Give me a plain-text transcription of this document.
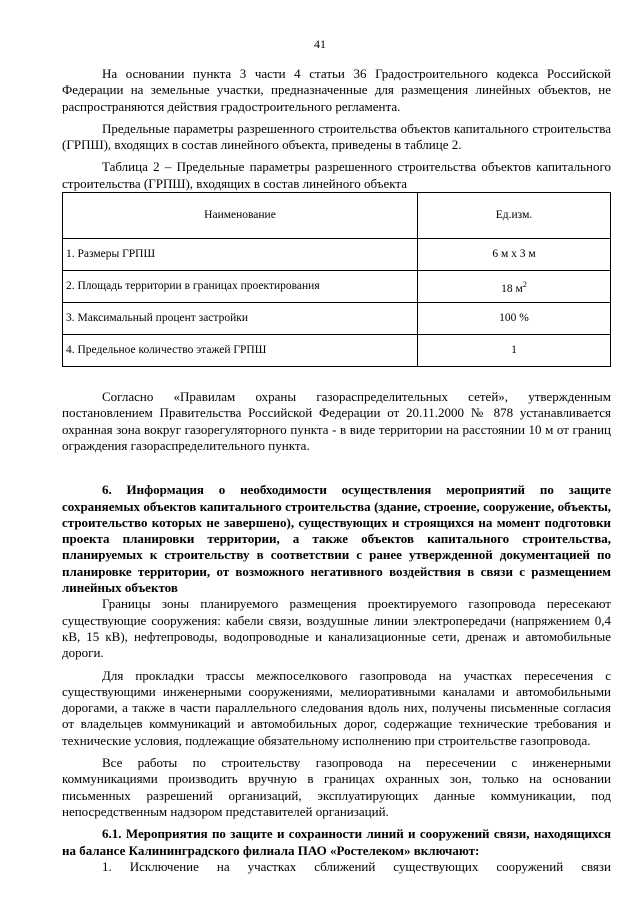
41

На основании пункта 3 части 4 статьи 36 Градостроительного кодекса Российской Федерации на земельные участки, предназначенные для размещения линейных объектов, не распространяются действия градостроительного регламента.

Предельные параметры разрешенного строительства объектов капитального строительства (ГРПШ), входящих в состав линейного объекта, приведены в таблице 2.

Таблица 2 – Предельные параметры разрешенного строительства объектов капитального строительства (ГРПШ), входящих в состав линейного объекта

Наименование	Ед.изм.
1. Размеры ГРПШ	6 м х 3 м
2. Площадь территории в границах проектирования	18 $м^2$
3. Максимальный процент застройки	100 %
4. Предельное количество этажей ГРПШ	1

Согласно «Правилам охраны газораспределительных сетей», утвержденным постановлением Правительства Российской Федерации от 20.11.2000 № 878 устанавливается охранная зона вокруг газорегуляторного пункта - в виде территории на расстоянии 10 м от границ ограждения газораспределительного пункта.

6. Информация о необходимости осуществления мероприятий по защите сохраняемых объектов капитального строительства (здание, строение, сооружение, объекты, строительство которых не завершено), существующих и строящихся на момент подготовки проекта планировки территории, а также объектов капитального строительства, планируемых к строительству в соответствии с ранее утвержденной документацией по планировке территории, от возможного негативного воздействия в связи с размещением линейных объектов

Границы зоны планируемого размещения проектируемого газопровода пересекают существующие сооружения: кабели связи, воздушные линии электропередачи (напряжением 0,4 кВ, 15 кВ), нефтепроводы, водопроводные и канализационные сети, дренаж и автомобильные дороги.

Для прокладки трассы межпоселкового газопровода на участках пересечения с существующими инженерными сооружениями, мелиоративными каналами и автомобильными дорогами, а также в части параллельного следования вдоль них, получены письменные согласия от владельцев коммуникаций и автомобильных дорог, содержащие технические требования и технические условия, подлежащие обязательному исполнению при строительстве газопровода.

Все работы по строительству газопровода на пересечении с инженерными коммуникациями производить вручную в границах охранных зон, только на основании письменных разрешений организаций, эксплуатирующих данные коммуникации, под непосредственным надзором представителей организаций.

6.1. Мероприятия по защите и сохранности линий и сооружений связи, находящихся на балансе Калининградского филиала ПАО «Ростелеком» включают:

1. Исключение на участках сближений существующих сооружений связи
